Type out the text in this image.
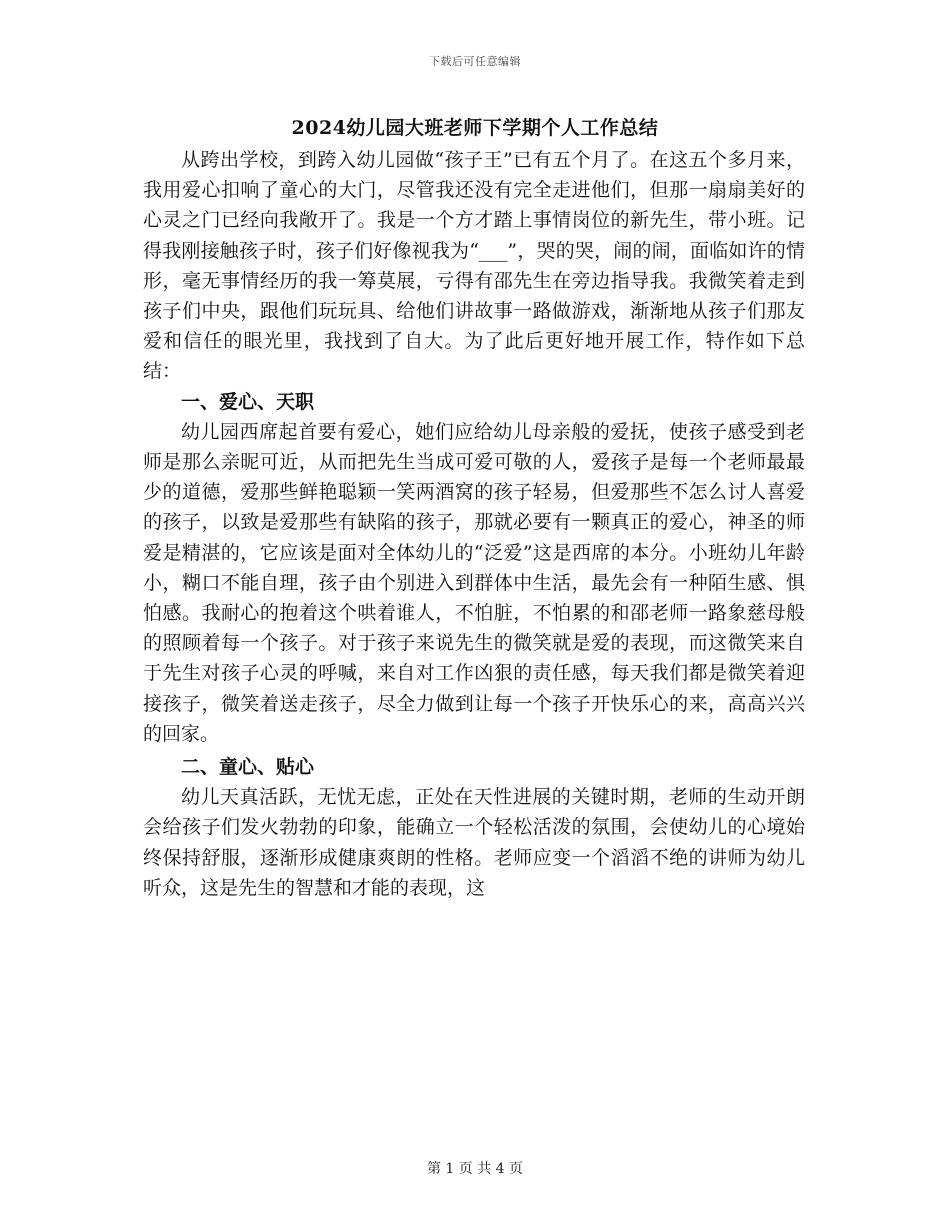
下载后可任意编辑
2024幼儿园大班老师下学期个人工作总结

从跨出学校，到跨入幼儿园做“孩子王”已有五个月了。在这五个多月来，我用爱心扣响了童心的大门，尽管我还没有完全走进他们，但那一扇扇美好的心灵之门已经向我敞开了。我是一个方才踏上事情岗位的新先生，带小班。记得我刚接触孩子时，孩子们好像视我为“___”，哭的哭，闹的闹，面临如许的情形，毫无事情经历的我一筹莫展，亏得有邵先生在旁边指导我。我微笑着走到孩子们中央，跟他们玩玩具、给他们讲故事一路做游戏，渐渐地从孩子们那友爱和信任的眼光里，我找到了自大。为了此后更好地开展工作，特作如下总结：

一、爱心、天职

幼儿园西席起首要有爱心，她们应给幼儿母亲般的爱抚，使孩子感受到老师是那么亲昵可近，从而把先生当成可爱可敬的人，爱孩子是每一个老师最最少的道德，爱那些鲜艳聪颖一笑两酒窝的孩子轻易，但爱那些不怎么讨人喜爱的孩子，以致是爱那些有缺陷的孩子，那就必要有一颗真正的爱心，神圣的师爱是精湛的，它应该是面对全体幼儿的“泛爱”这是西席的本分。小班幼儿年龄小，糊口不能自理，孩子由个别进入到群体中生活，最先会有一种陌生感、惧怕感。我耐心的抱着这个哄着谁人，不怕脏，不怕累的和邵老师一路象慈母般的照顾着每一个孩子。对于孩子来说先生的微笑就是爱的表现，而这微笑来自于先生对孩子心灵的呼喊，来自对工作凶狠的责任感，每天我们都是微笑着迎接孩子，微笑着送走孩子，尽全力做到让每一个孩子开快乐心的来，高高兴兴的回家。

二、童心、贴心

幼儿天真活跃，无忧无虑，正处在天性进展的关键时期，老师的生动开朗会给孩子们发火勃勃的印象，能确立一个轻松活泼的氛围，会使幼儿的心境始终保持舒服，逐渐形成健康爽朗的性格。老师应变一个滔滔不绝的讲师为幼儿听众，这是先生的智慧和才能的表现，这

第 1 页 共 4 页
